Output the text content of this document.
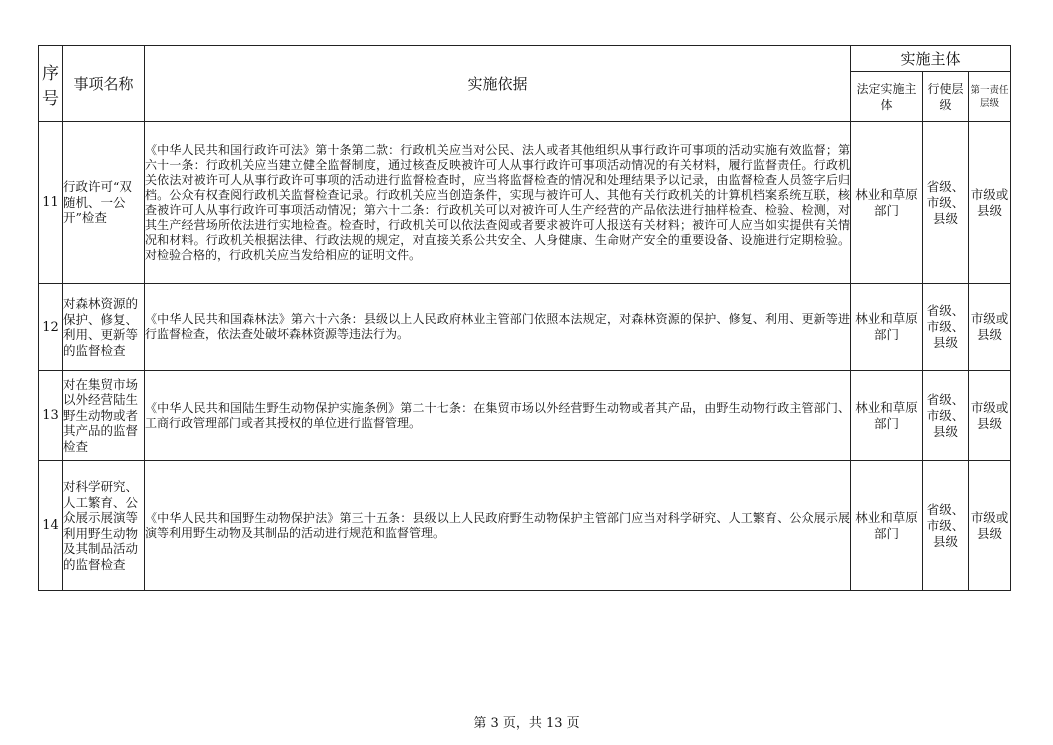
序号	事项名称	实施依据	实施主体		
			法定实施主体	行使层级	第一责任层级
11	行政许可“双随机、一公开”检查	《中华人民共和国行政许可法》第十条第二款：行政机关应当对公民、法人或者其他组织从事行政许可事项的活动实施有效监督；第六十一条：行政机关应当建立健全监督制度，通过核查反映被许可人从事行政许可事项活动情况的有关材料，履行监督责任。行政机关依法对被许可人从事行政许可事项的活动进行监督检查时，应当将监督检查的情况和处理结果予以记录，由监督检查人员签字后归档。公众有权查阅行政机关监督检查记录。行政机关应当创造条件，实现与被许可人、其他有关行政机关的计算机档案系统互联，核查被许可人从事行政许可事项活动情况；第六十二条：行政机关可以对被许可人生产经营的产品依法进行抽样检查、检验、检测，对其生产经营场所依法进行实地检查。检查时，行政机关可以依法查阅或者要求被许可人报送有关材料；被许可人应当如实提供有关情况和材料。行政机关根据法律、行政法规的规定，对直接关系公共安全、人身健康、生命财产安全的重要设备、设施进行定期检验。对检验合格的，行政机关应当发给相应的证明文件。	林业和草原部门	省级、市级、县级	市级或县级
12	对森林资源的保护、修复、利用、更新等的监督检查	《中华人民共和国森林法》第六十六条：县级以上人民政府林业主管部门依照本法规定，对森林资源的保护、修复、利用、更新等进行监督检查，依法查处破坏森林资源等违法行为。	林业和草原部门	省级、市级、县级	市级或县级
13	对在集贸市场以外经营陆生野生动物或者其产品的监督检查	《中华人民共和国陆生野生动物保护实施条例》第二十七条：在集贸市场以外经营野生动物或者其产品，由野生动物行政主管部门、工商行政管理部门或者其授权的单位进行监督管理。	林业和草原部门	省级、市级、县级	市级或县级
14	对科学研究、人工繁育、公众展示展演等利用野生动物及其制品活动的监督检查	《中华人民共和国野生动物保护法》第三十五条：县级以上人民政府野生动物保护主管部门应当对科学研究、人工繁育、公众展示展演等利用野生动物及其制品的活动进行规范和监督管理。	林业和草原部门	省级、市级、县级	市级或县级
第 3 页，共 13 页
